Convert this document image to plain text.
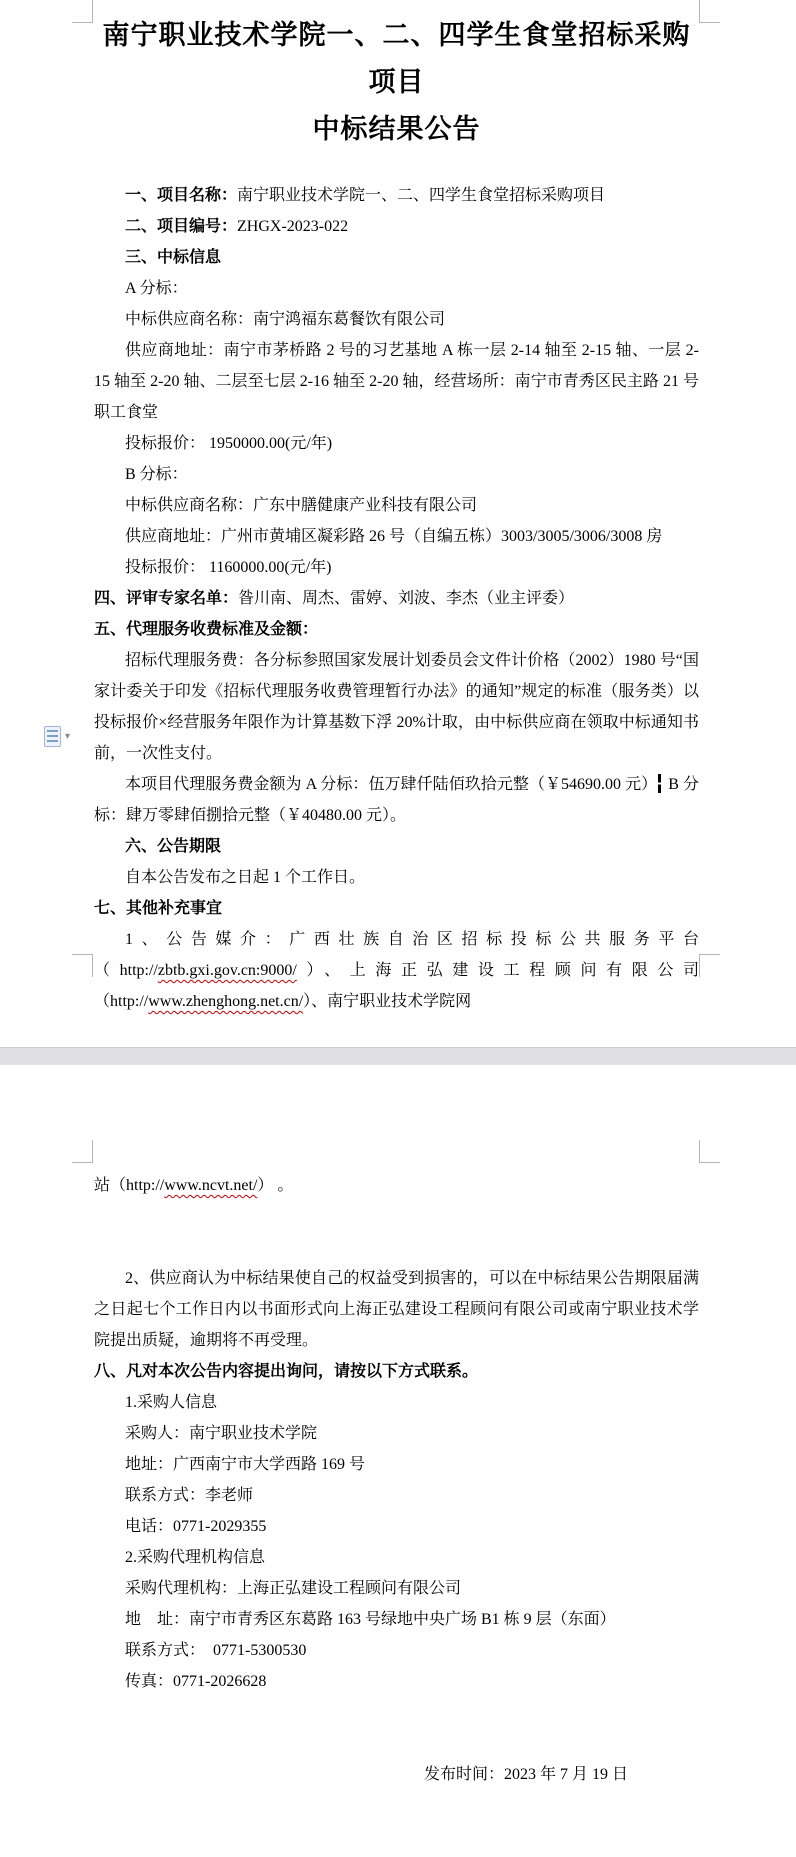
南宁职业技术学院一、二、四学生食堂招标采购项目
中标结果公告

一、项目名称：南宁职业技术学院一、二、四学生食堂招标采购项目

二、项目编号：ZHGX-2023-022

三、中标信息

A 分标：

中标供应商名称：南宁鸿福东葛餐饮有限公司

供应商地址：南宁市茅桥路 2 号的习艺基地 A 栋一层 2-14 轴至 2-15 轴、一层 2-15 轴至 2-20 轴、二层至七层 2-16 轴至 2-20 轴，经营场所：南宁市青秀区民主路 21 号职工食堂

投标报价： 1950000.00(元/年)

B 分标：

中标供应商名称：广东中膳健康产业科技有限公司

供应商地址：广州市黄埔区凝彩路 26 号（自编五栋）3003/3005/3006/3008 房

投标报价： 1160000.00(元/年)

四、评审专家名单：昝川南、周杰、雷婷、刘波、李杰（业主评委）

五、代理服务收费标准及金额：

招标代理服务费：各分标参照国家发展计划委员会文件计价格（2002）1980 号“国家计委关于印发《招标代理服务收费管理暂行办法》的通知”规定的标准（服务类）以投标报价×经营服务年限作为计算基数下浮 20%计取，由中标供应商在领取中标通知书前，一次性支付。

本项目代理服务费金额为 A 分标：伍万肆仟陆佰玖拾元整（￥54690.00 元） B 分标：肆万零肆佰捌拾元整（￥40480.00 元）。

六、公告期限

自本公告发布之日起 1 个工作日。

七、其他补充事宜

1、公告媒介：广西壮族自治区招标投标公共服务平台（http://zbtb.gxi.gov.cn:9000/）、上海正弘建设工程顾问有限公司（http://www.zhenghong.net.cn/）、南宁职业技术学院网

站（http://www.ncvt.net/） 。

2、供应商认为中标结果使自己的权益受到损害的，可以在中标结果公告期限届满之日起七个工作日内以书面形式向上海正弘建设工程顾问有限公司或南宁职业技术学院提出质疑，逾期将不再受理。

八、凡对本次公告内容提出询问，请按以下方式联系。

1.采购人信息

采购人：南宁职业技术学院

地址：广西南宁市大学西路 169 号

联系方式：李老师

电话：0771-2029355

2.采购代理机构信息

采购代理机构：上海正弘建设工程顾问有限公司

地　址：南宁市青秀区东葛路 163 号绿地中央广场 B1 栋 9 层（东面）

联系方式：  0771-5300530

传真：0771-2026628

发布时间：2023 年 7 月 19 日

▾
